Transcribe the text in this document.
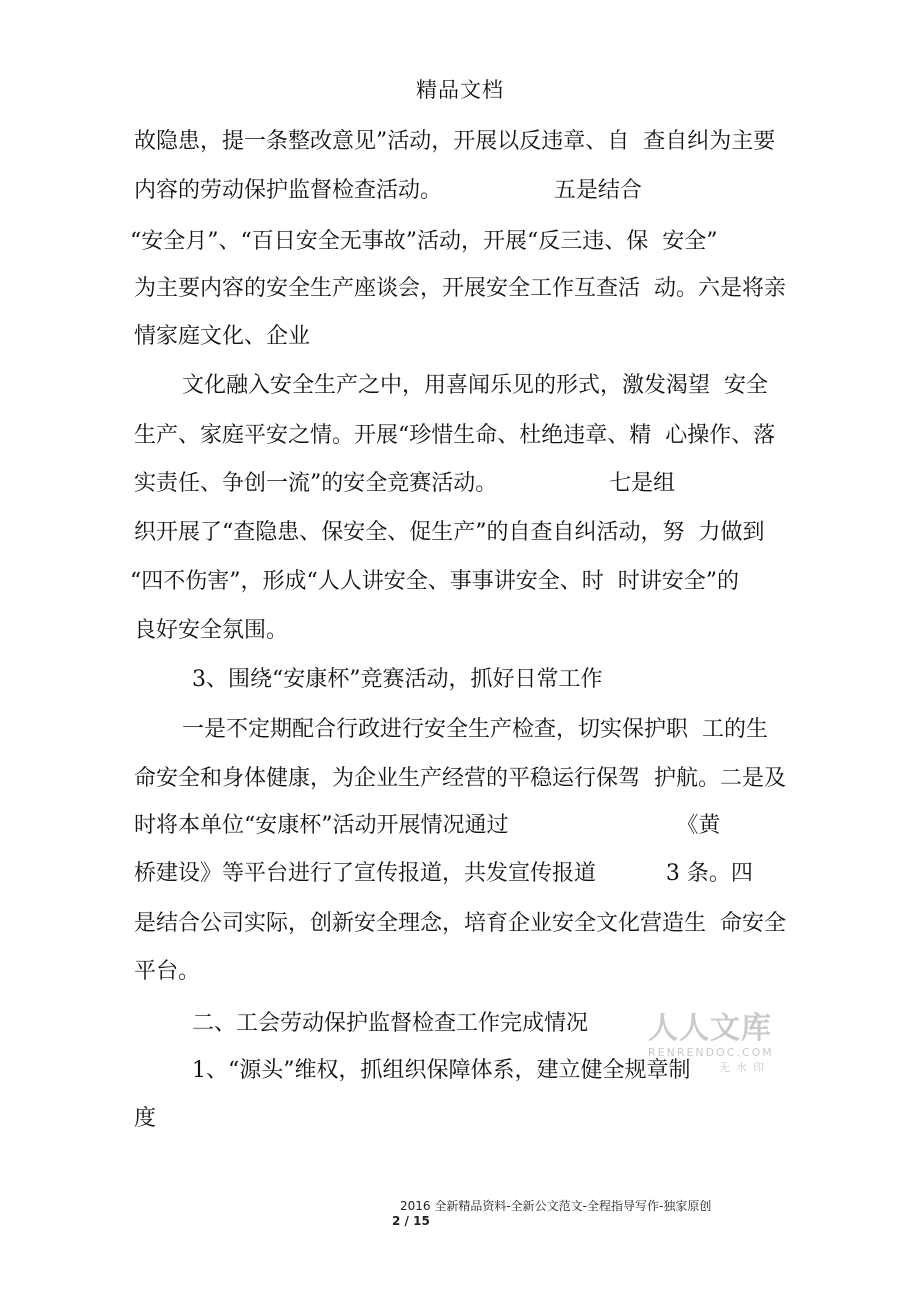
精品文档
故隐患，提一条整改意见”活动，开展以反违章、自  查自纠为主要
内容的劳动保护监督检查活动。                五是结合
“安全月”、“百日安全无事故”活动，开展“反三违、保  安全”
为主要内容的安全生产座谈会，开展安全工作互查活  动。六是将亲
情家庭文化、企业
文化融入安全生产之中，用喜闻乐见的形式，激发渴望  安全
生产、家庭平安之情。开展“珍惜生命、杜绝违章、精  心操作、落
实责任、争创一流”的安全竞赛活动。                七是组
织开展了“查隐患、保安全、促生产”的自查自纠活动，努  力做到
“四不伤害”，形成“人人讲安全、事事讲安全、时  时讲安全”的
良好安全氛围。
3、围绕“安康杯”竞赛活动，抓好日常工作
一是不定期配合行政进行安全生产检查，切实保护职  工的生
命安全和身体健康，为企业生产经营的平稳运行保驾  护航。二是及
时将本单位“安康杯”活动开展情况通过                        《黄
桥建设》等平台进行了宣传报道，共发宣传报道          3 条。四
是结合公司实际，创新安全理念，培育企业安全文化营造生  命安全
平台。
二、工会劳动保护监督检查工作完成情况
1、“源头”维权，抓组织保障体系，建立健全规章制
度
人人文库
RENRENDOC.COM
无水印
2016 全新精品资料-全新公文范文-全程指导写作-独家原创
2 / 15
